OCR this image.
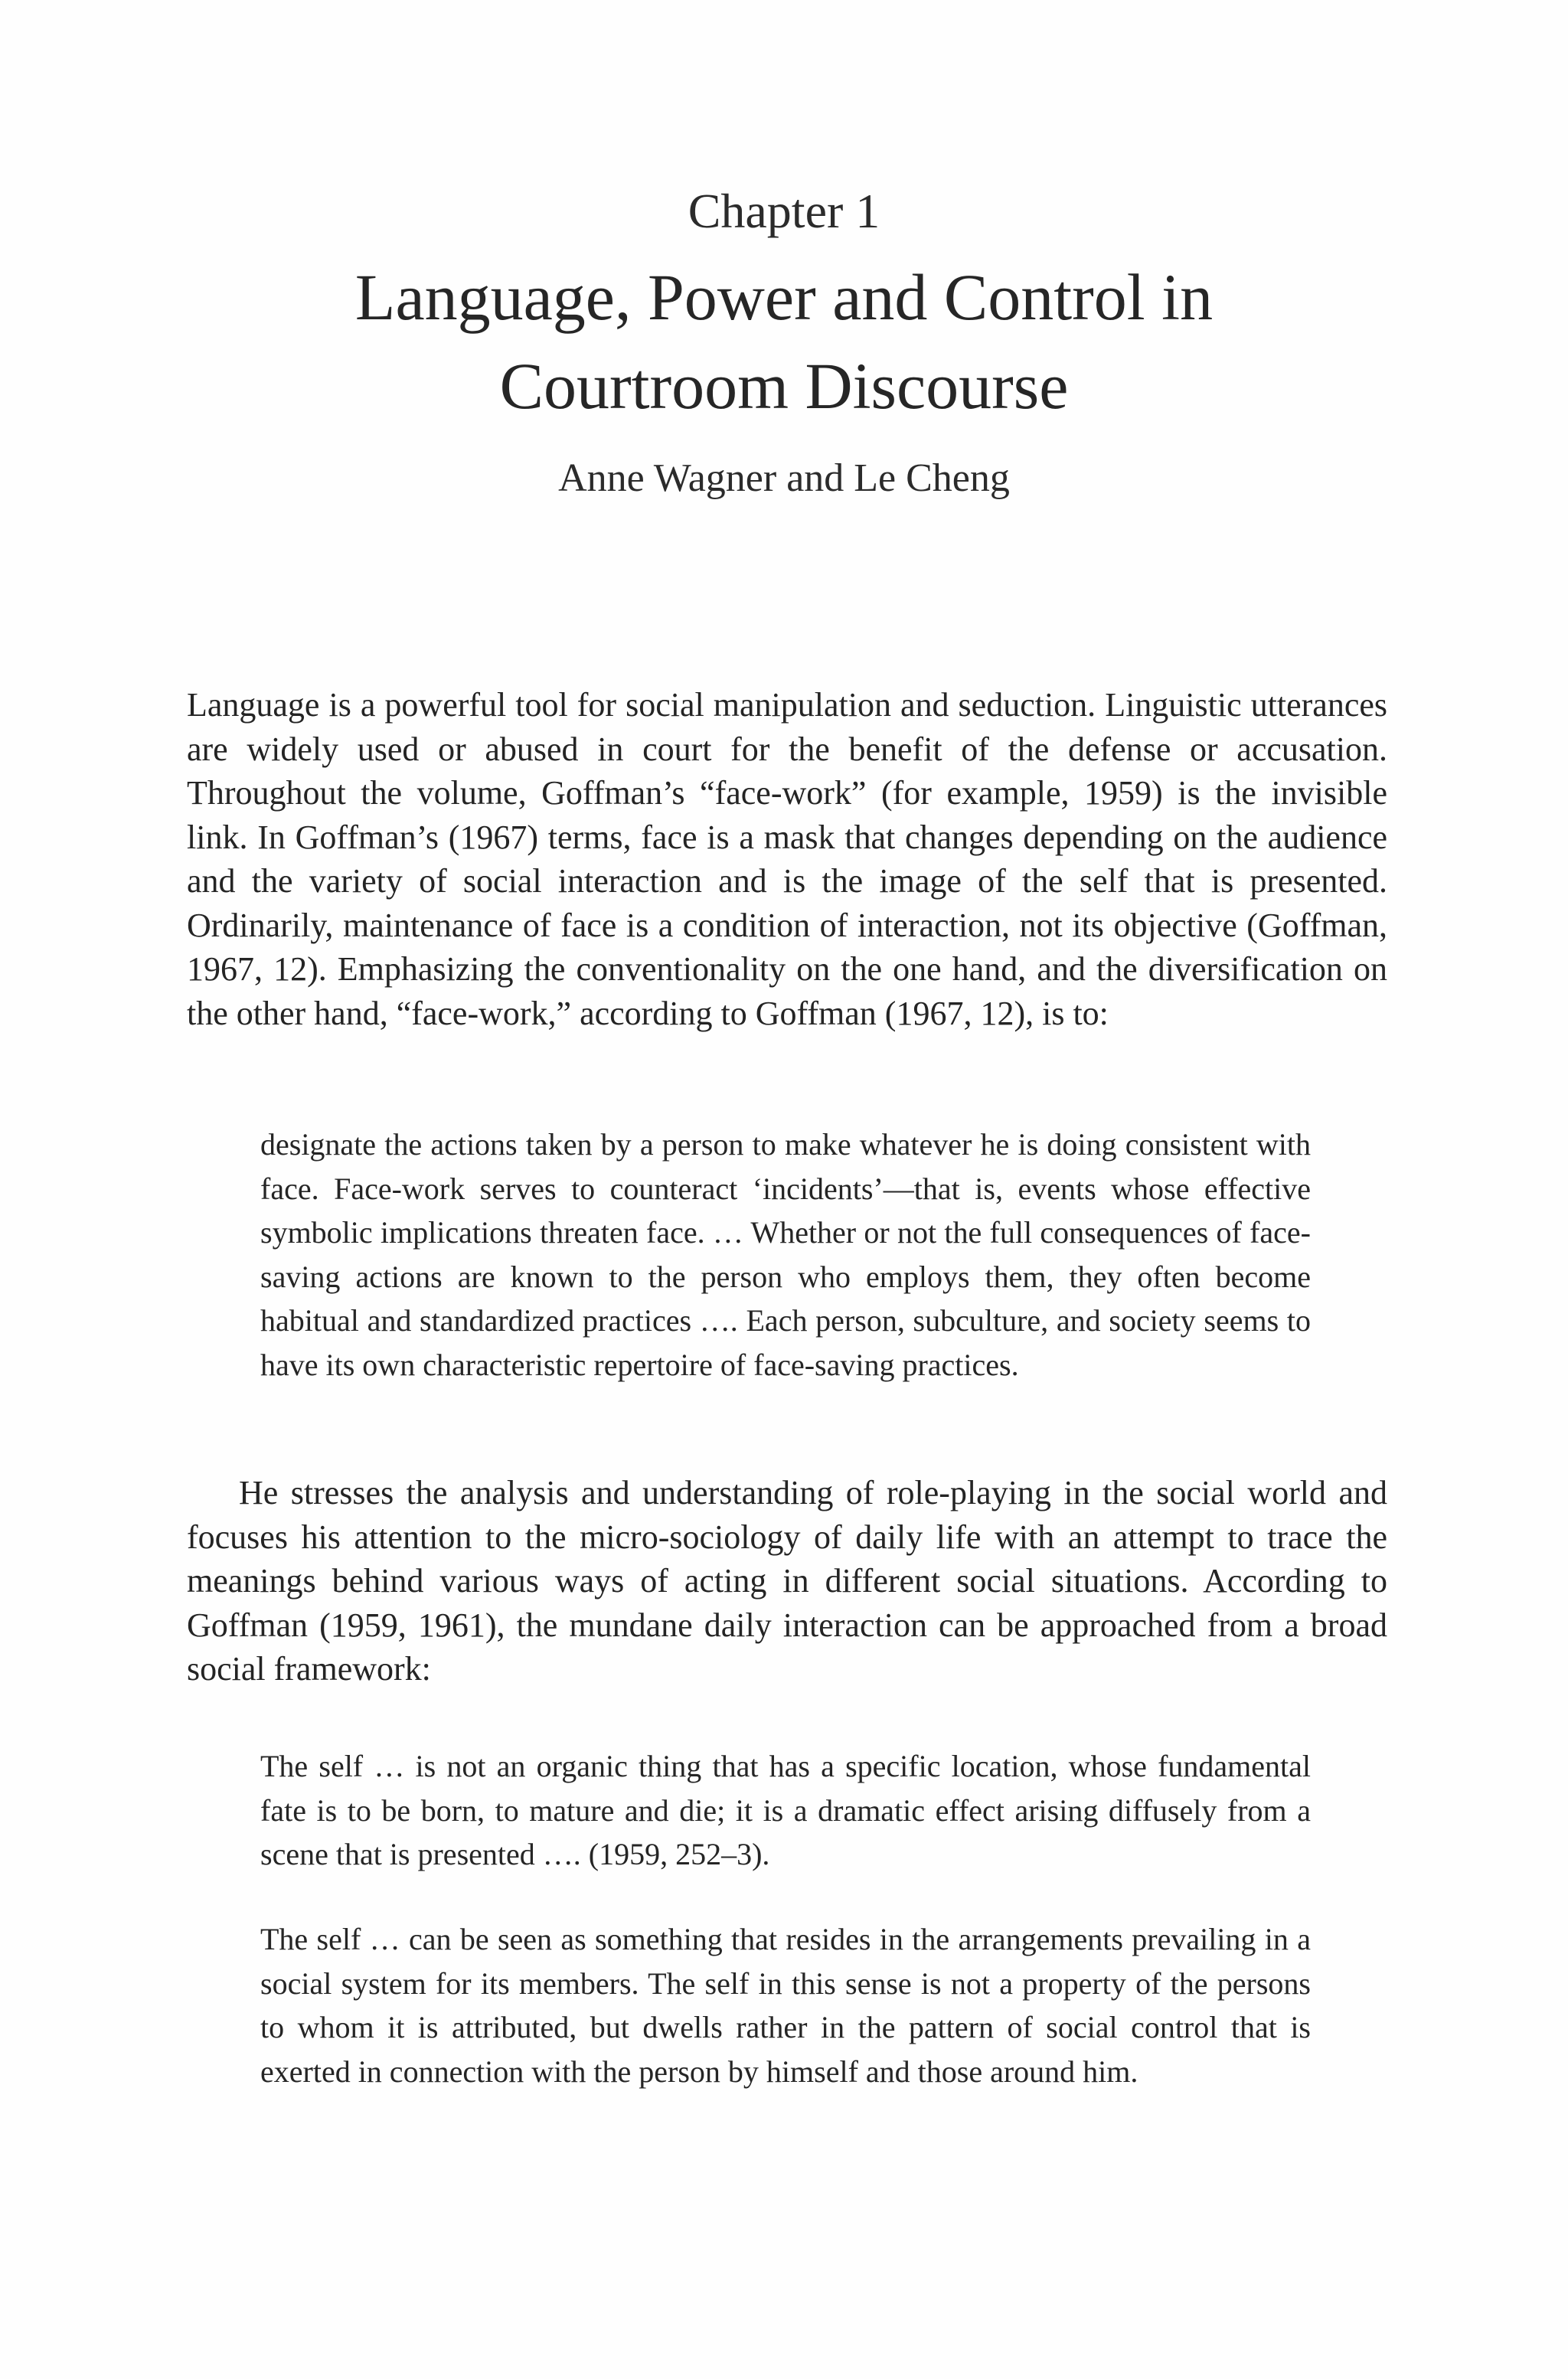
Chapter 1
Language, Power and Control in
Courtroom Discourse
Anne Wagner and Le Cheng

Language is a powerful tool for social manipulation and seduction. Linguistic utterances are widely used or abused in court for the benefit of the defense or accusation. Throughout the volume, Goffman’s “face-work” (for example, 1959) is the invisible link. In Goffman’s (1967) terms, face is a mask that changes depending on the audience and the variety of social interaction and is the image of the self that is presented. Ordinarily, maintenance of face is a condition of interaction, not its objective (Goffman, 1967, 12). Emphasizing the conventionality on the one hand, and the diversification on the other hand, “face-work,” according to Goffman (1967, 12), is to:

designate the actions taken by a person to make whatever he is doing consistent with face. Face-work serves to counteract ‘incidents’—that is, events whose effective symbolic implications threaten face. … Whether or not the full consequences of face-saving actions are known to the person who employs them, they often become habitual and standardized practices …. Each person, subculture, and society seems to have its own characteristic repertoire of face-saving practices.

He stresses the analysis and understanding of role-playing in the social world and focuses his attention to the micro-sociology of daily life with an attempt to trace the meanings behind various ways of acting in different social situations. According to Goffman (1959, 1961), the mundane daily interaction can be approached from a broad social framework:

The self … is not an organic thing that has a specific location, whose fundamental fate is to be born, to mature and die; it is a dramatic effect arising diffusely from a scene that is presented …. (1959, 252–3).

The self … can be seen as something that resides in the arrangements prevailing in a social system for its members. The self in this sense is not a property of the persons to whom it is attributed, but dwells rather in the pattern of social control that is exerted in connection with the person by himself and those around him.
